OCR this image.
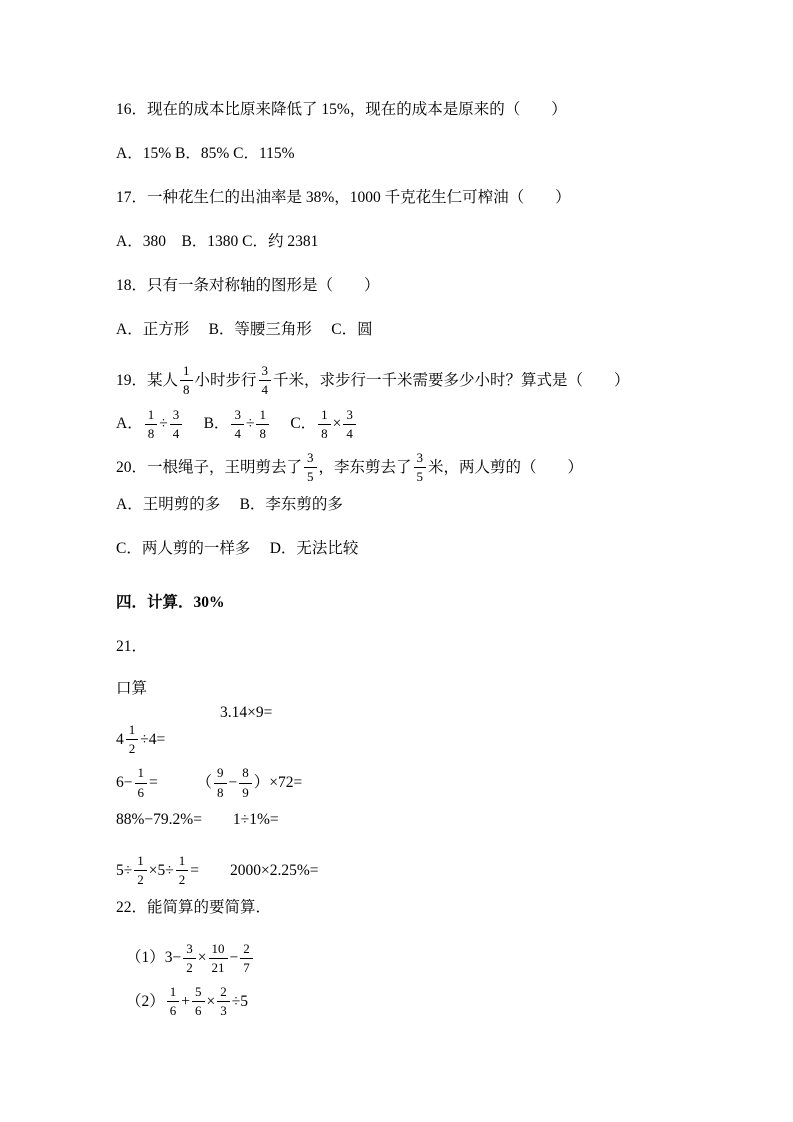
16．现在的成本比原来降低了 15%，现在的成本是原来的（　　）
A．15% B．85% C．115%
17．一种花生仁的出油率是 38%，1000 千克花生仁可榨油（　　）
A．380　B．1380 C．约 2381
18．只有一条对称轴的图形是（　　）
A．正方形　 B．等腰三角形　 C．圆
19．某人 $\frac{1}{8}$ 小时步行 $\frac{3}{4}$ 千米，求步行一千米需要多少小时？算式是（　　）
A． $\frac{1}{8} \div \frac{3}{4}$ 　 B． $\frac{3}{4} \div \frac{1}{8}$ 　 C． $\frac{1}{8} \times \frac{3}{4}$
20．一根绳子，王明剪去了 $\frac{3}{5}$ ，李东剪去了 $\frac{3}{5}$ 米，两人剪的（　　）
A．王明剪的多　 B．李东剪的多
C．两人剪的一样多　 D．无法比较
四．计算．30%
21．
口算
3.14×9=
$4 \frac{1}{2} \div 4=$
$6- \frac{1}{6}$ =　　　（ $\frac{9}{8} - \frac{8}{9} )\times 72=$
88%−79.2%=　　1÷1%=
$5\div \frac{1}{2} \times 5\div \frac{1}{2}$ =　　2000×2.25%=
22．能简算的要简算．
$(1)3- \frac{3}{2} \times \frac{10}{21} - \frac{2}{7}$
$(2) \frac{1}{6} + \frac{5}{6} \times \frac{2}{3} \div 5$
